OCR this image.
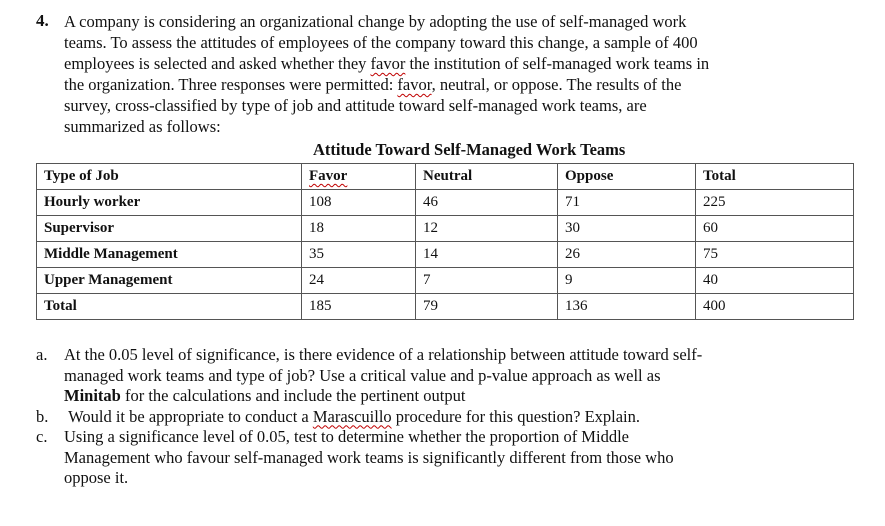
4. A company is considering an organizational change by adopting the use of self-managed work
teams. To assess the attitudes of employees of the company toward this change, a sample of 400
employees is selected and asked whether they favor the institution of self-managed work teams in
the organization. Three responses were permitted: favor, neutral, or oppose. The results of the
survey, cross-classified by type of job and attitude toward self-managed work teams, are
summarized as follows:
Attitude Toward Self-Managed Work Teams
Type of Job	Favor	Neutral	Oppose	Total
Hourly worker	108	46	71	225
Supervisor	18	12	30	60
Middle Management	35	14	26	75
Upper Management	24	7	9	40
Total	185	79	136	400
a. At the 0.05 level of significance, is there evidence of a relationship between attitude toward self-
managed work teams and type of job? Use a critical value and p-value approach as well as
Minitab for the calculations and include the pertinent output
b. Would it be appropriate to conduct a Marascuillo procedure for this question? Explain.
c. Using a significance level of 0.05, test to determine whether the proportion of Middle
Management who favour self-managed work teams is significantly different from those who
oppose it.
